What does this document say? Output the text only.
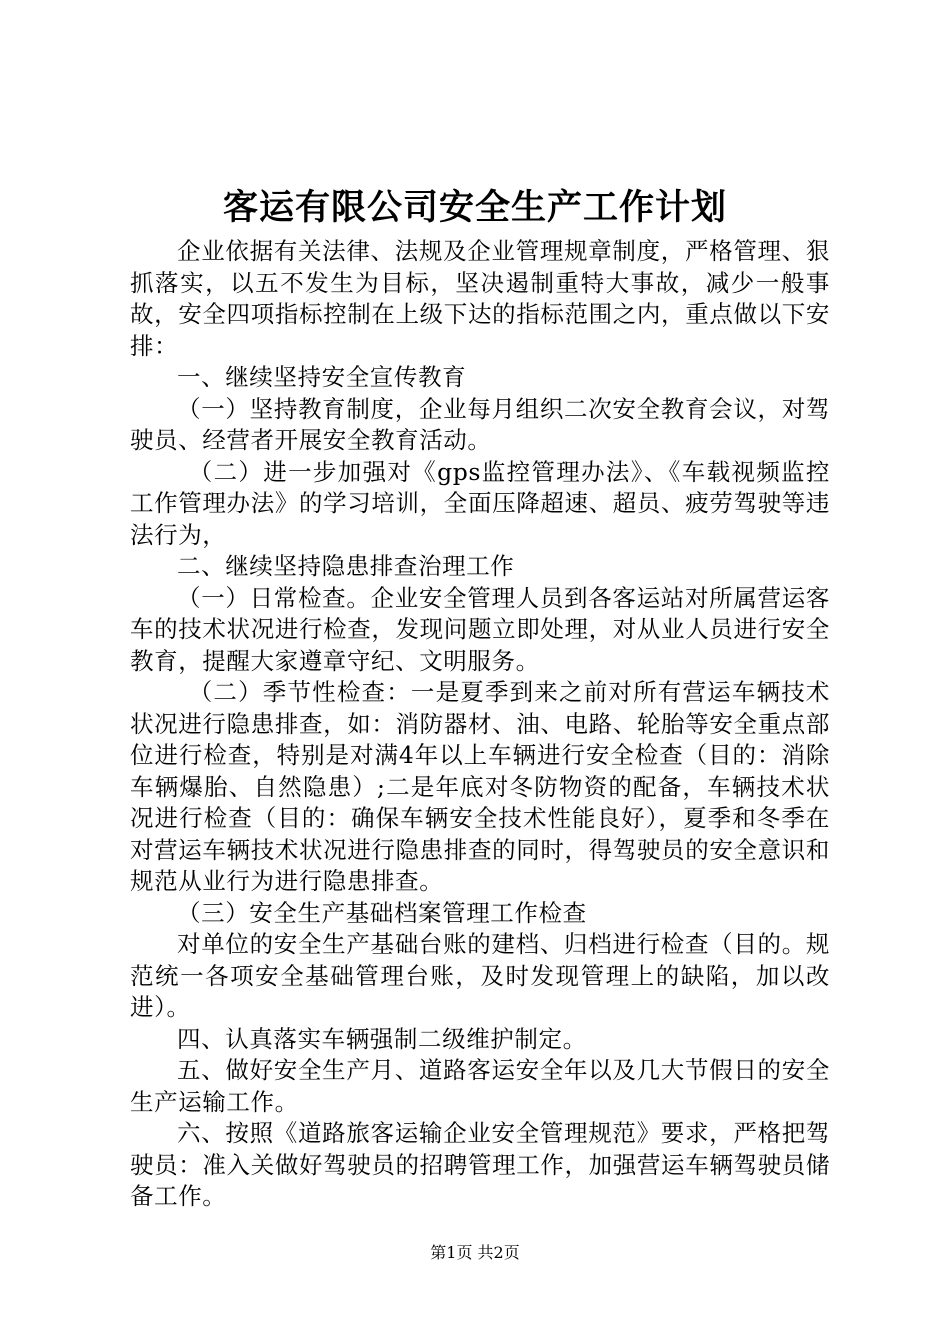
客运有限公司安全生产工作计划

企业依据有关法律、法规及企业管理规章制度，严格管理、狠抓落实，以五不发生为目标，坚决遏制重特大事故，减少一般事故，安全四项指标控制在上级下达的指标范围之内，重点做以下安排：

一、继续坚持安全宣传教育

（一）坚持教育制度，企业每月组织二次安全教育会议，对驾驶员、经营者开展安全教育活动。

（二）进一步加强对《gps监控管理办法》、《车载视频监控工作管理办法》的学习培训，全面压降超速、超员、疲劳驾驶等违法行为，

二、继续坚持隐患排查治理工作

（一）日常检查。企业安全管理人员到各客运站对所属营运客车的技术状况进行检查，发现问题立即处理，对从业人员进行安全教育，提醒大家遵章守纪、文明服务。

（二）季节性检查：一是夏季到来之前对所有营运车辆技术状况进行隐患排查，如：消防器材、油、电路、轮胎等安全重点部位进行检查，特别是对满4年以上车辆进行安全检查（目的：消除车辆爆胎、自然隐患）;二是年底对冬防物资的配备，车辆技术状况进行检查（目的：确保车辆安全技术性能良好），夏季和冬季在对营运车辆技术状况进行隐患排查的同时，得驾驶员的安全意识和规范从业行为进行隐患排查。

（三）安全生产基础档案管理工作检查

对单位的安全生产基础台账的建档、归档进行检查（目的。规范统一各项安全基础管理台账，及时发现管理上的缺陷，加以改进）。

四、认真落实车辆强制二级维护制定。

五、做好安全生产月、道路客运安全年以及几大节假日的安全生产运输工作。

六、按照《道路旅客运输企业安全管理规范》要求，严格把驾驶员：准入关做好驾驶员的招聘管理工作，加强营运车辆驾驶员储备工作。

第1页 共2页
